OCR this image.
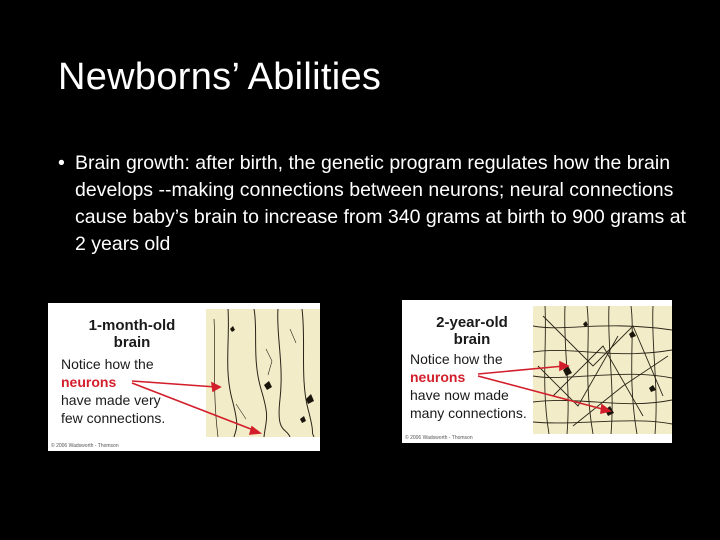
Newborns’ Abilities
• Brain growth: after birth, the genetic program regulates how the brain develops --making connections between neurons; neural connections cause baby’s brain to increase from 340 grams at birth to 900 grams at 2 years old
1-month-old
brain
Notice how the
neurons
have made very
few connections.
© 2006 Wadsworth - Thomson
2-year-old
brain
Notice how the
neurons
have now made
many connections.
© 2006 Wadsworth - Thomson
